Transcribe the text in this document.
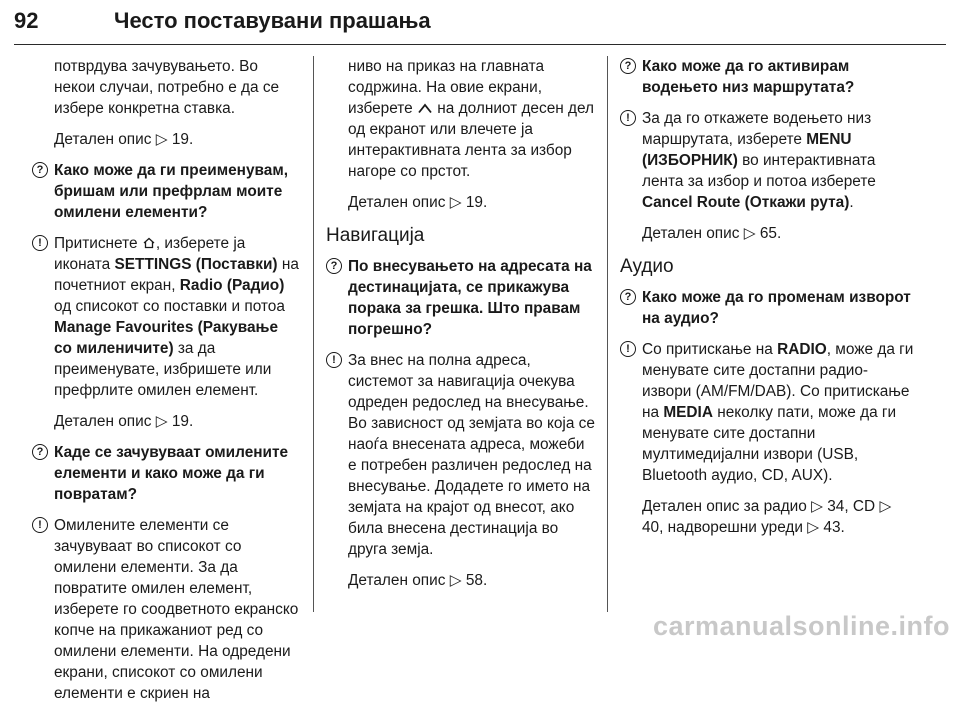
92	Често поставувани прашања
потврдува зачувувањето. Во некои случаи, потребно е да се избере конкретна ставка.
Детален опис ▷ 19.
? Како може да ги преименувам, бришам или префрлам моите омилени елементи?
! Притиснете , изберете ја иконата SETTINGS (Поставки) на почетниот екран, Radio (Радио) од списокот со поставки и потоа Manage Favourites (Ракување со миленичите) за да преименувате, избришете или префрлите омилен елемент.
Детален опис ▷ 19.
? Каде се зачувуваат омилените елементи и како може да ги повратам?
! Омилените елементи се зачувуваат во списокот со омилени елементи. За да повратите омилен елемент, изберете го соодветното екранско копче на прикажаниот ред со омилени елементи. На одредени екрани, списокот со омилени елементи е скриен на
ниво на приказ на главната содржина. На овие екрани, изберете на долниот десен дел од екранот или влечете ја интерактивната лента за избор нагоре со прстот.
Детален опис ▷ 19.
Навигација
? По внесувањето на адресата на дестинацијата, се прикажува порака за грешка. Што правам погрешно?
! За внес на полна адреса, системот за навигација очекува одреден редослед на внесување. Во зависност од земјата во која се наоѓа внесената адреса, можеби е потребен различен редослед на внесување. Додадете го името на земјата на крајот од внесот, ако била внесена дестинација во друга земја.
Детален опис ▷ 58.
? Како може да го активирам водењето низ маршрутата?
! За да го откажете водењето низ маршрутата, изберете MENU (ИЗБОРНИК) во интерактивната лента за избор и потоа изберете Cancel Route (Откажи рута).
Детален опис ▷ 65.
Аудио
? Како може да го променам изворот на аудио?
! Со притискање на RADIO, може да ги менувате сите достапни радио-извори (AM/FM/DAB). Со притискање на MEDIA неколку пати, може да ги менувате сите достапни мултимедијални извори (USB, Bluetooth аудио, CD, AUX).
Детален опис за радио ▷ 34, CD ▷ 40, надворешни уреди ▷ 43.
carmanualsonline.info
